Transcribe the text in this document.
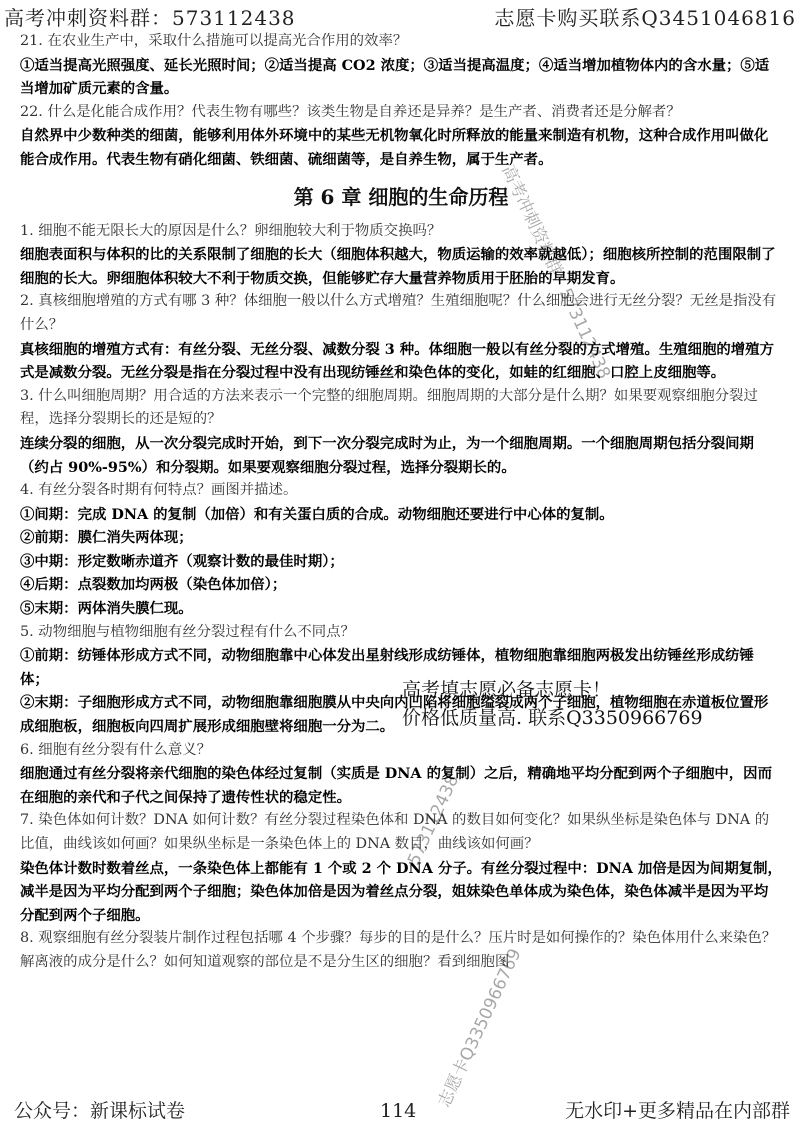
高考冲刺资料群：573112438	志愿卡购买联系Q3451046816

21. 在农业生产中，采取什么措施可以提高光合作用的效率？

①适当提高光照强度、延长光照时间；②适当提高 CO2 浓度；③适当提高温度；④适当增加植物体内的含水量；⑤适当增加矿质元素的含量。

22. 什么是化能合成作用？代表生物有哪些？该类生物是自养还是异养？是生产者、消费者还是分解者？

自然界中少数种类的细菌，能够利用体外环境中的某些无机物氧化时所释放的能量来制造有机物，这种合成作用叫做化能合成作用。代表生物有硝化细菌、铁细菌、硫细菌等，是自养生物，属于生产者。

第 6 章 细胞的生命历程

1. 细胞不能无限长大的原因是什么？卵细胞较大利于物质交换吗？

细胞表面积与体积的比的关系限制了细胞的长大（细胞体积越大，物质运输的效率就越低）；细胞核所控制的范围限制了细胞的长大。卵细胞体积较大不利于物质交换，但能够贮存大量营养物质用于胚胎的早期发育。

2. 真核细胞增殖的方式有哪 3 种？体细胞一般以什么方式增殖？生殖细胞呢？什么细胞会进行无丝分裂？无丝是指没有什么？

真核细胞的增殖方式有：有丝分裂、无丝分裂、减数分裂 3 种。体细胞一般以有丝分裂的方式增殖。生殖细胞的增殖方式是减数分裂。无丝分裂是指在分裂过程中没有出现纺锤丝和染色体的变化，如蛙的红细胞、口腔上皮细胞等。

3. 什么叫细胞周期？用合适的方法来表示一个完整的细胞周期。细胞周期的大部分是什么期？如果要观察细胞分裂过程，选择分裂期长的还是短的？

连续分裂的细胞，从一次分裂完成时开始，到下一次分裂完成时为止，为一个细胞周期。一个细胞周期包括分裂间期（约占 90%-95%）和分裂期。如果要观察细胞分裂过程，选择分裂期长的。

4. 有丝分裂各时期有何特点？画图并描述。

①间期：完成 DNA 的复制（加倍）和有关蛋白质的合成。动物细胞还要进行中心体的复制。

②前期：膜仁消失两体现；

③中期：形定数晰赤道齐（观察计数的最佳时期）；

④后期：点裂数加均两极（染色体加倍）；

⑤末期：两体消失膜仁现。

5. 动物细胞与植物细胞有丝分裂过程有什么不同点？

①前期：纺锤体形成方式不同，动物细胞靠中心体发出星射线形成纺锤体，植物细胞靠细胞两极发出纺锤丝形成纺锤体；

②末期：子细胞形成方式不同，动物细胞靠细胞膜从中央向内凹陷将细胞缢裂成两个子细胞，植物细胞在赤道板位置形成细胞板，细胞板向四周扩展形成细胞壁将细胞一分为二。

6. 细胞有丝分裂有什么意义？

细胞通过有丝分裂将亲代细胞的染色体经过复制（实质是 DNA 的复制）之后，精确地平均分配到两个子细胞中，因而在细胞的亲代和子代之间保持了遗传性状的稳定性。

7. 染色体如何计数？DNA 如何计数？有丝分裂过程染色体和 DNA 的数目如何变化？如果纵坐标是染色体与 DNA 的比值，曲线该如何画？如果纵坐标是一条染色体上的 DNA 数目，曲线该如何画？

染色体计数时数着丝点，一条染色体上都能有 1 个或 2 个 DNA 分子。有丝分裂过程中：DNA 加倍是因为间期复制，减半是因为平均分配到两个子细胞；染色体加倍是因为着丝点分裂，姐妹染色单体成为染色体，染色体减半是因为平均分配到两个子细胞。

8. 观察细胞有丝分裂装片制作过程包括哪 4 个步骤？每步的目的是什么？压片时是如何操作的？染色体用什么来染色？解离液的成分是什么？如何知道观察的部位是不是分生区的细胞？看到细胞图

高考冲刺资料群：573112438
573112438
志愿卡Q3350966769
高考填志愿必备志愿卡！
价格低质量高. 联系Q3350966769
公众号：新课标试卷	114	无水印+更多精品在内部群
